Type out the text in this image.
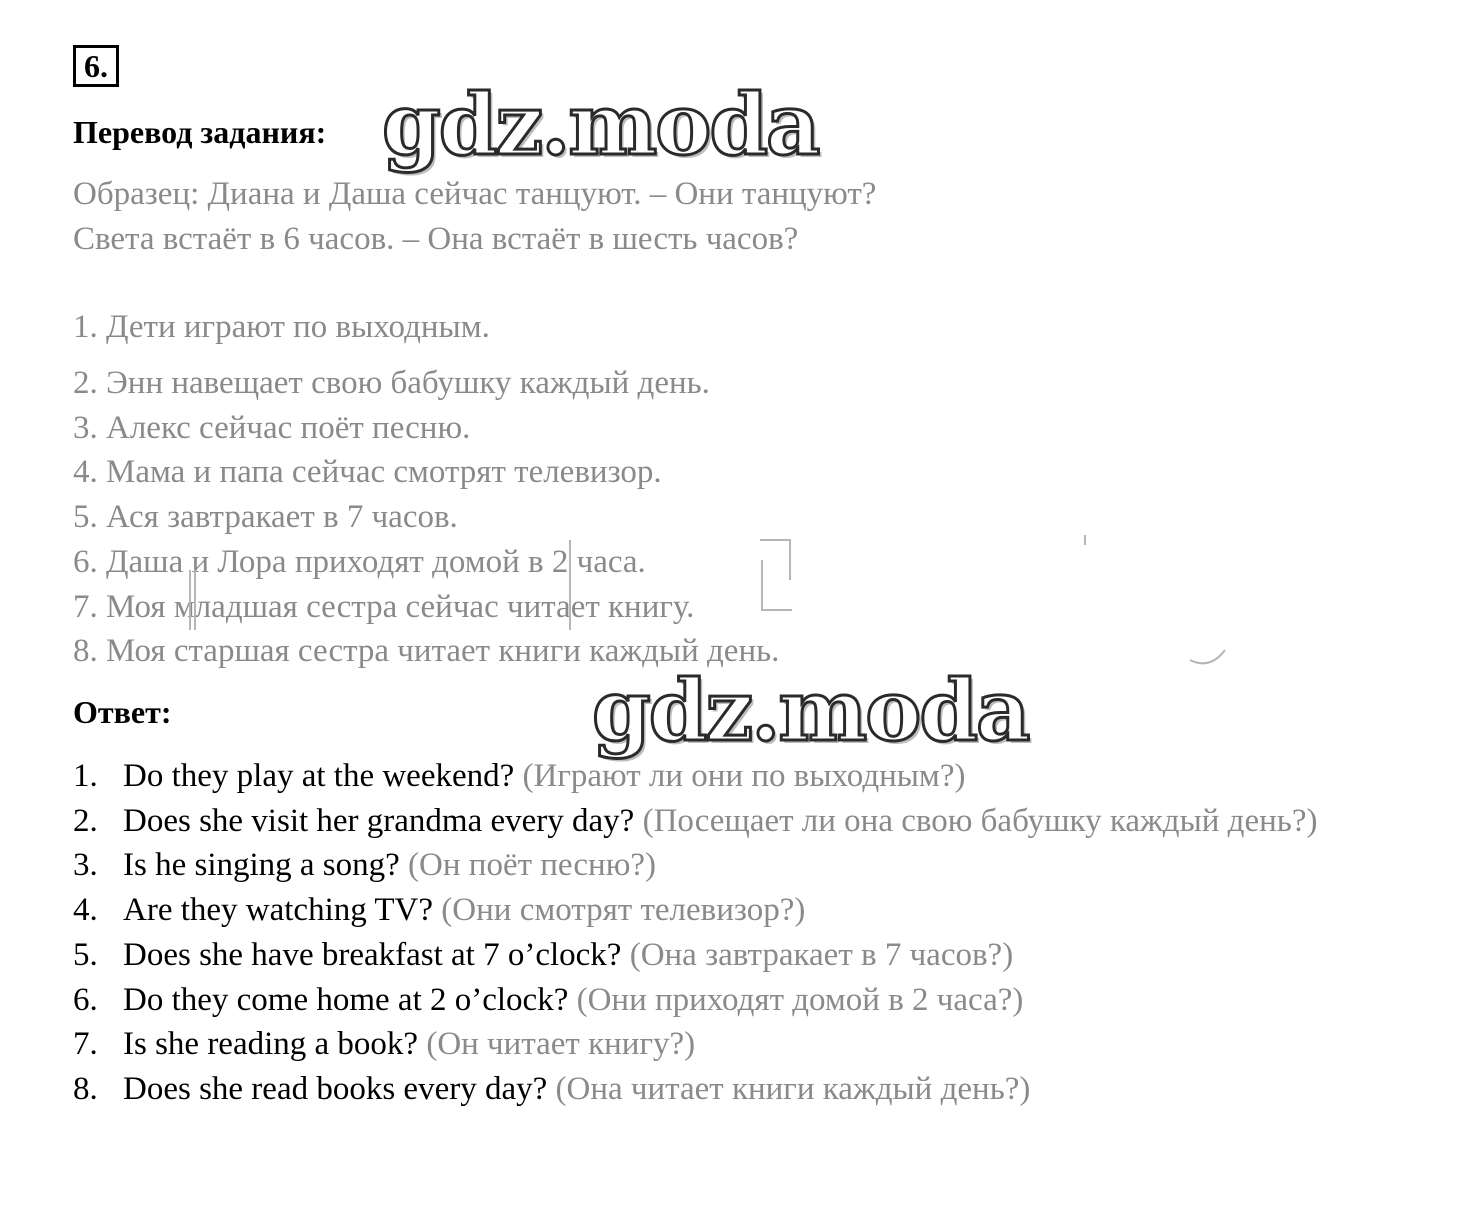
6.
Перевод задания: gdz.moda
Образец: Диана и Даша сейчас танцуют. – Они танцуют?
Света встаёт в 6 часов. – Она встаёт в шесть часов?
1. Дети играют по выходным.
2. Энн навещает свою бабушку каждый день.
3. Алекс сейчас поёт песню.
4. Мама и папа сейчас смотрят телевизор.
5. Ася завтракает в 7 часов.
6. Даша и Лора приходят домой в 2 часа.
7. Моя младшая сестра сейчас читает книгу.
8. Моя старшая сестра читает книги каждый день.
Ответ:	gdz.moda
1. Do they play at the weekend? (Играют ли они по выходным?)
2. Does she visit her grandma every day? (Посещает ли она свою бабушку каждый день?)
3. Is he singing a song? (Он поёт песню?)
4. Are they watching TV? (Они смотрят телевизор?)
5. Does she have breakfast at 7 o’clock? (Она завтракает в 7 часов?)
6. Do they come home at 2 o’clock? (Они приходят домой в 2 часа?)
7. Is she reading a book? (Он читает книгу?)
8. Does she read books every day? (Она читает книги каждый день?)
